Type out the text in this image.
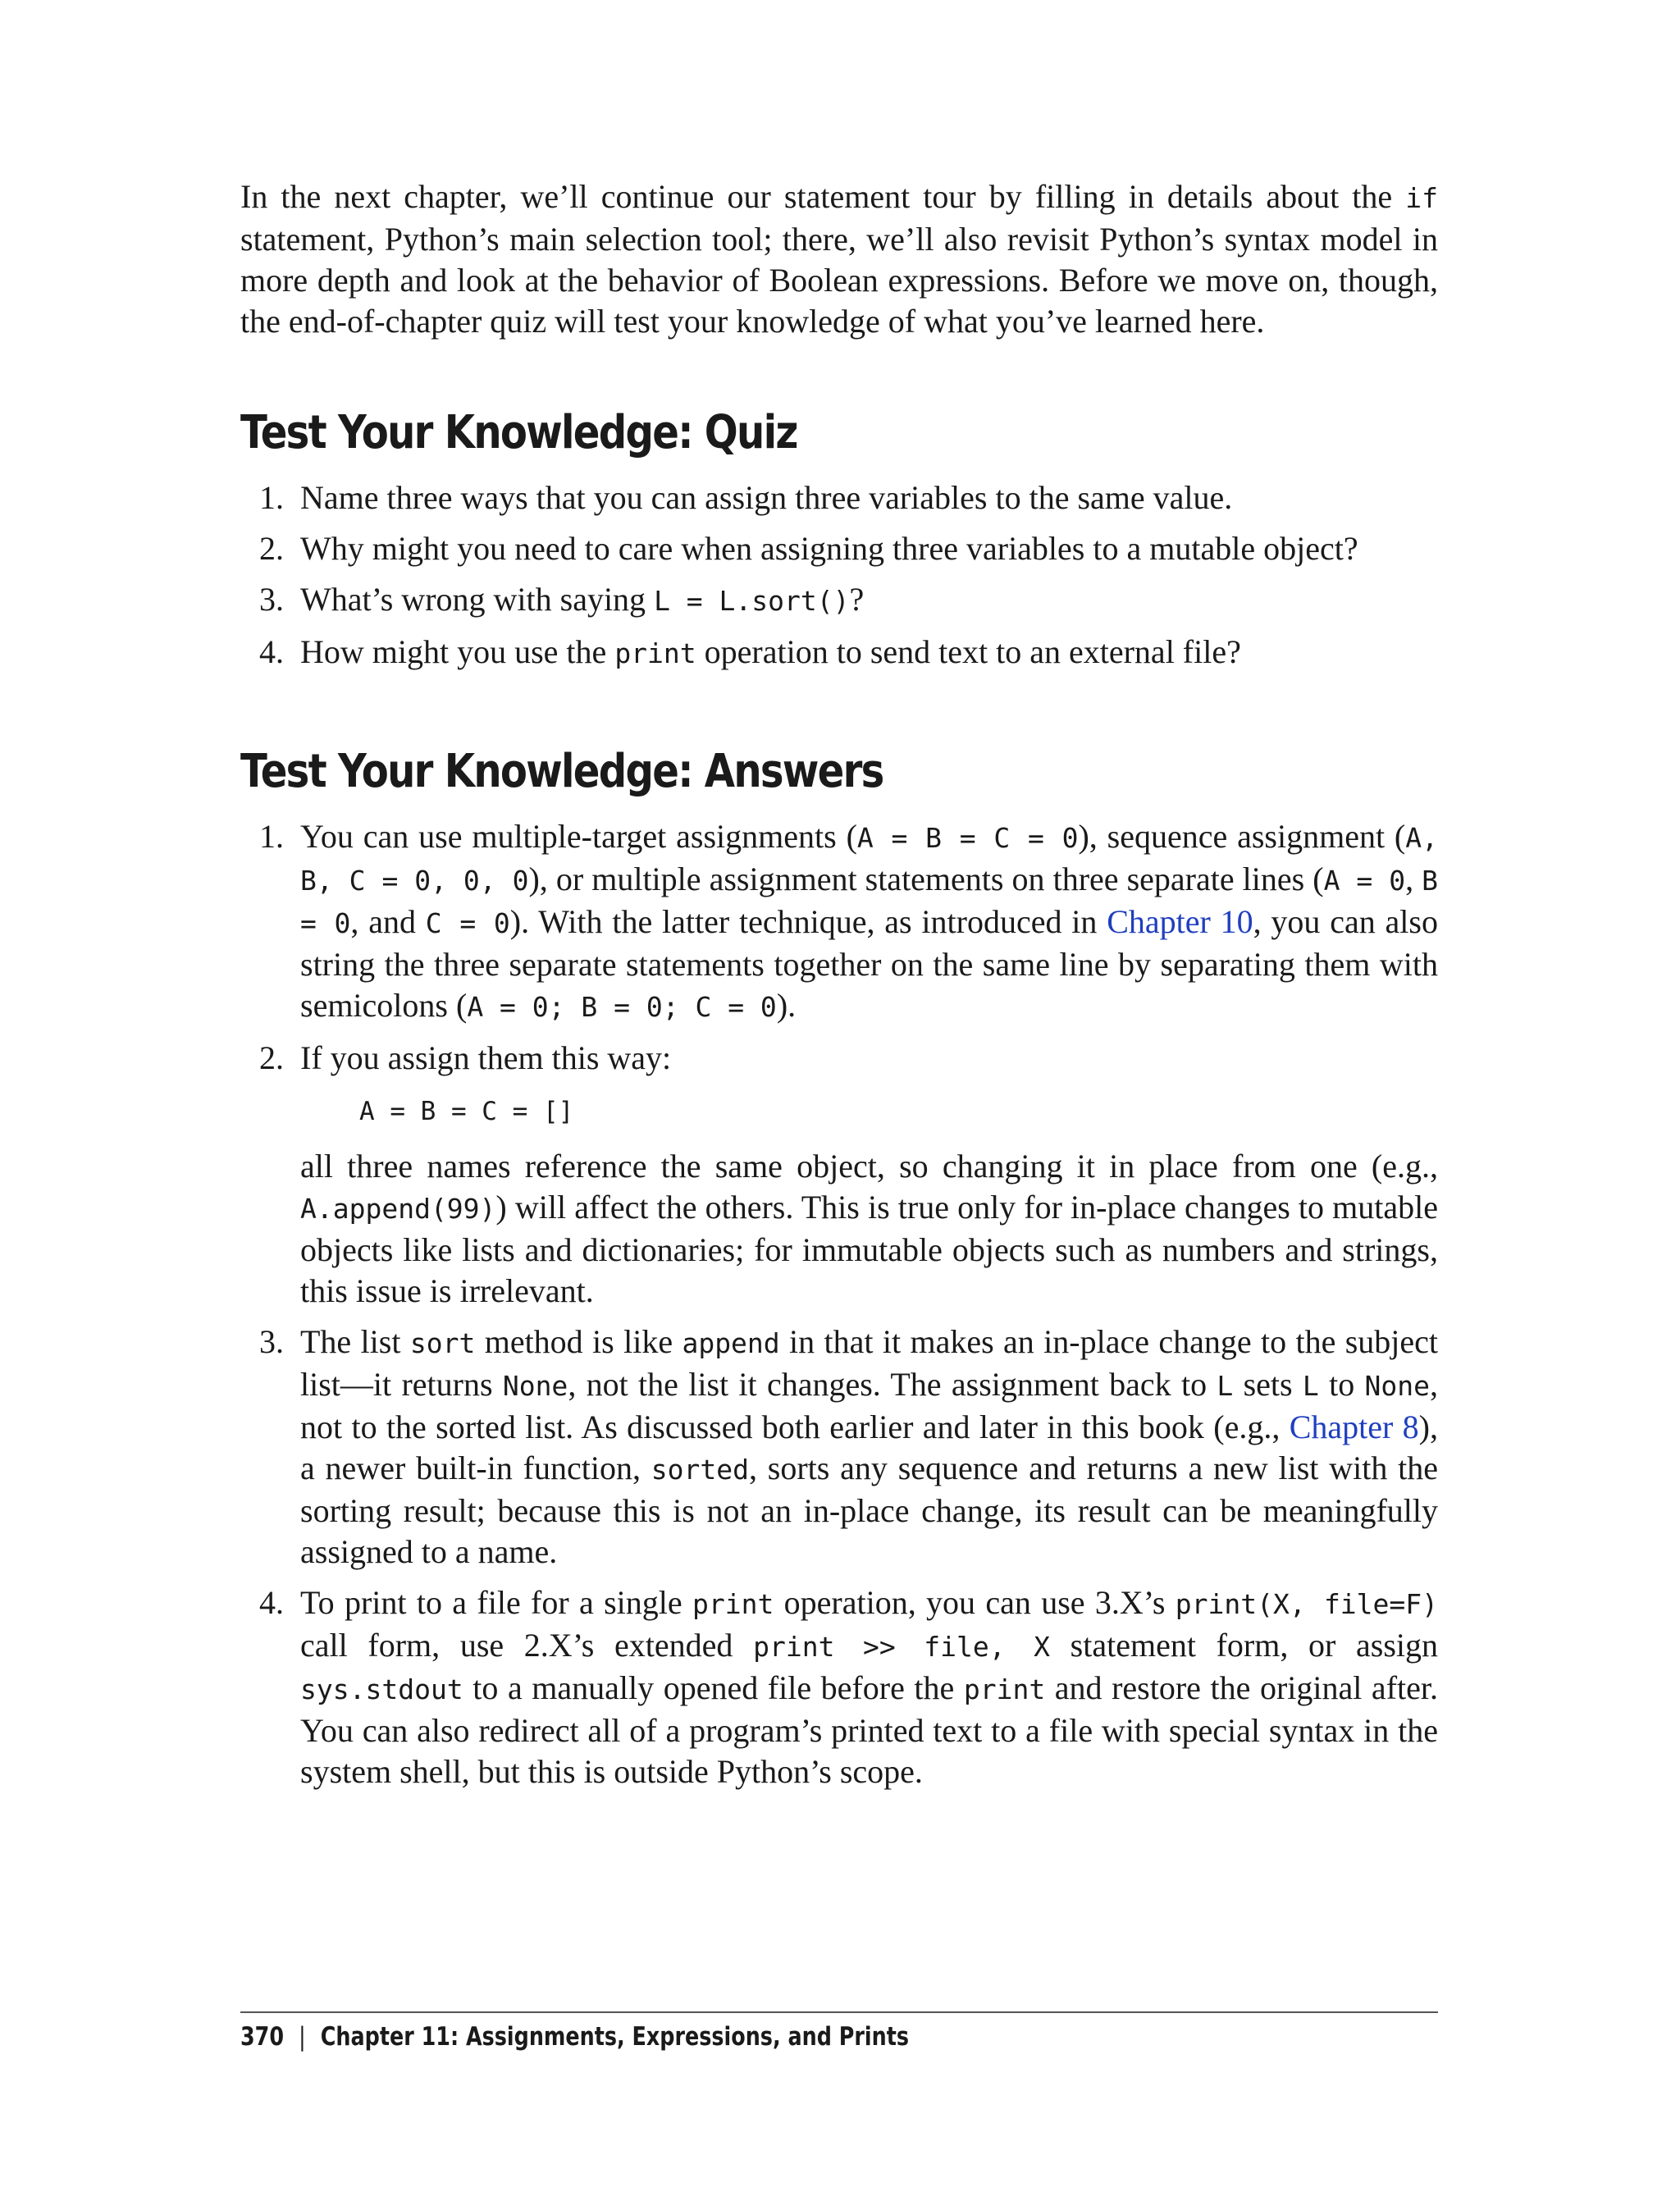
In the next chapter, we’ll continue our statement tour by filling in details about the if statement, Python’s main selection tool; there, we’ll also revisit Python’s syntax model in more depth and look at the behavior of Boolean expressions. Before we move on, though, the end-of-chapter quiz will test your knowledge of what you’ve learned here.

Test Your Knowledge: Quiz
1. Name three ways that you can assign three variables to the same value.
2. Why might you need to care when assigning three variables to a mutable object?
3. What’s wrong with saying L = L.sort()?
4. How might you use the print operation to send text to an external file?
Test Your Knowledge: Answers
1. You can use multiple-target assignments (A = B = C = 0), sequence assignment (A, B, C = 0, 0, 0), or multiple assignment statements on three separate lines (A = 0, B = 0, and C = 0). With the latter technique, as introduced in Chapter 10, you can also string the three separate statements together on the same line by separating them with semicolons (A = 0; B = 0; C = 0).
2. If you assign them this way:
A = B = C = []
all three names reference the same object, so changing it in place from one (e.g., A.append(99)) will affect the others. This is true only for in-place changes to mutable objects like lists and dictionaries; for immutable objects such as numbers and strings, this issue is irrelevant.
3. The list sort method is like append in that it makes an in-place change to the subject list—it returns None, not the list it changes. The assignment back to L sets L to None, not to the sorted list. As discussed both earlier and later in this book (e.g., Chapter 8), a newer built-in function, sorted, sorts any sequence and returns a new list with the sorting result; because this is not an in-place change, its result can be meaningfully assigned to a name.
4. To print to a file for a single print operation, you can use 3.X’s print(X, file=F) call form, use 2.X’s extended print >> file, X statement form, or assign sys.stdout to a manually opened file before the print and restore the original after. You can also redirect all of a program’s printed text to a file with special syntax in the system shell, but this is outside Python’s scope.
370 | Chapter 11: Assignments, Expressions, and Prints
